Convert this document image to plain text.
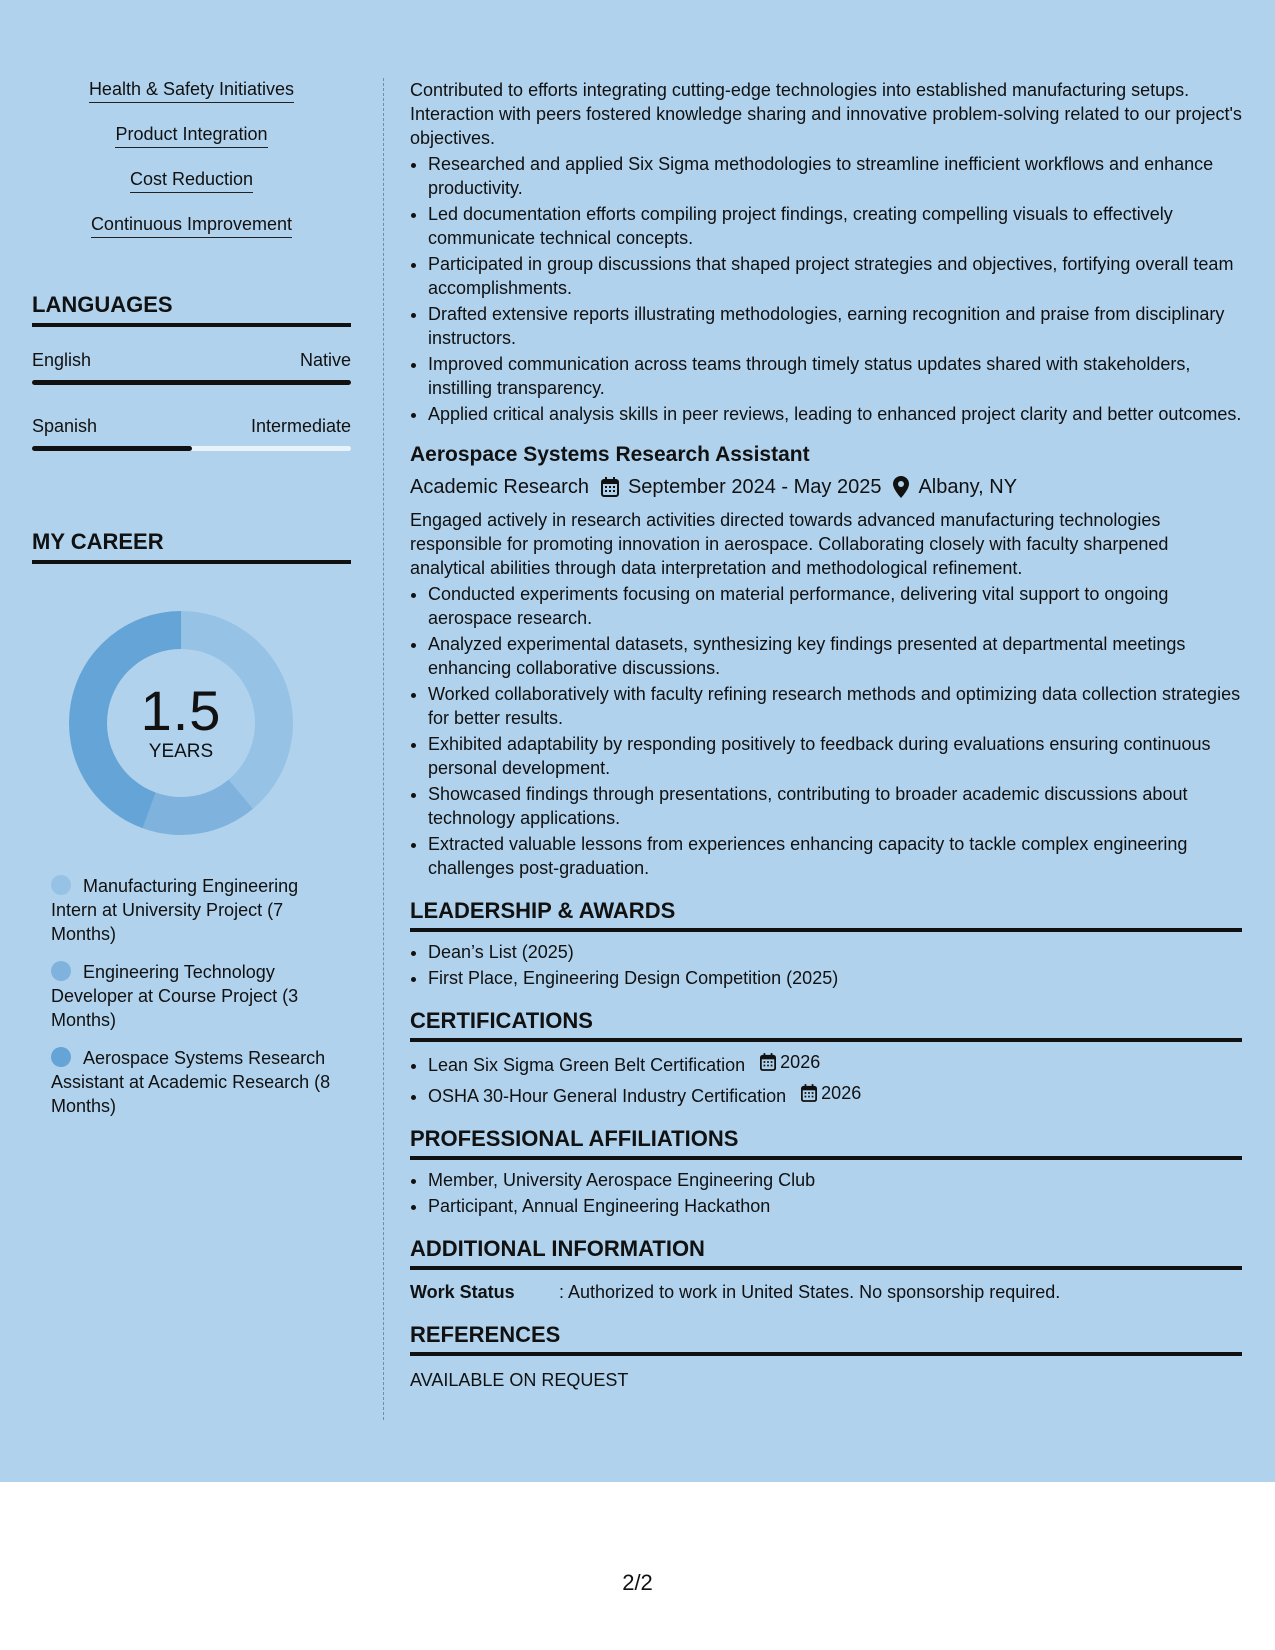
Health & Safety Initiatives
Product Integration
Cost Reduction
Continuous Improvement
LANGUAGES
English	Native
Spanish	Intermediate
MY CAREER
1.5
YEARS
Manufacturing Engineering Intern at University Project (7 Months)
Engineering Technology Developer at Course Project (3 Months)
Aerospace Systems Research Assistant at Academic Research (8 Months)

Contributed to efforts integrating cutting-edge technologies into established manufacturing setups. Interaction with peers fostered knowledge sharing and innovative problem-solving related to our project's objectives.

• Researched and applied Six Sigma methodologies to streamline inefficient workflows and enhance productivity.
• Led documentation efforts compiling project findings, creating compelling visuals to effectively communicate technical concepts.
• Participated in group discussions that shaped project strategies and objectives, fortifying overall team accomplishments.
• Drafted extensive reports illustrating methodologies, earning recognition and praise from disciplinary instructors.
• Improved communication across teams through timely status updates shared with stakeholders, instilling transparency.
• Applied critical analysis skills in peer reviews, leading to enhanced project clarity and better outcomes.
Aerospace Systems Research Assistant
Academic Research September 2024 - May 2025 Albany, NY

Engaged actively in research activities directed towards advanced manufacturing technologies responsible for promoting innovation in aerospace. Collaborating closely with faculty sharpened analytical abilities through data interpretation and methodological refinement.

• Conducted experiments focusing on material performance, delivering vital support to ongoing aerospace research.
• Analyzed experimental datasets, synthesizing key findings presented at departmental meetings enhancing collaborative discussions.
• Worked collaboratively with faculty refining research methods and optimizing data collection strategies for better results.
• Exhibited adaptability by responding positively to feedback during evaluations ensuring continuous personal development.
• Showcased findings through presentations, contributing to broader academic discussions about technology applications.
• Extracted valuable lessons from experiences enhancing capacity to tackle complex engineering challenges post-graduation.
LEADERSHIP & AWARDS
• Dean’s List (2025)
• First Place, Engineering Design Competition (2025)
CERTIFICATIONS
• Lean Six Sigma Green Belt Certification 2026
• OSHA 30-Hour General Industry Certification 2026
PROFESSIONAL AFFILIATIONS
• Member, University Aerospace Engineering Club
• Participant, Annual Engineering Hackathon
ADDITIONAL INFORMATION
Work Status	: Authorized to work in United States. No sponsorship required.
REFERENCES
AVAILABLE ON REQUEST
2/2
